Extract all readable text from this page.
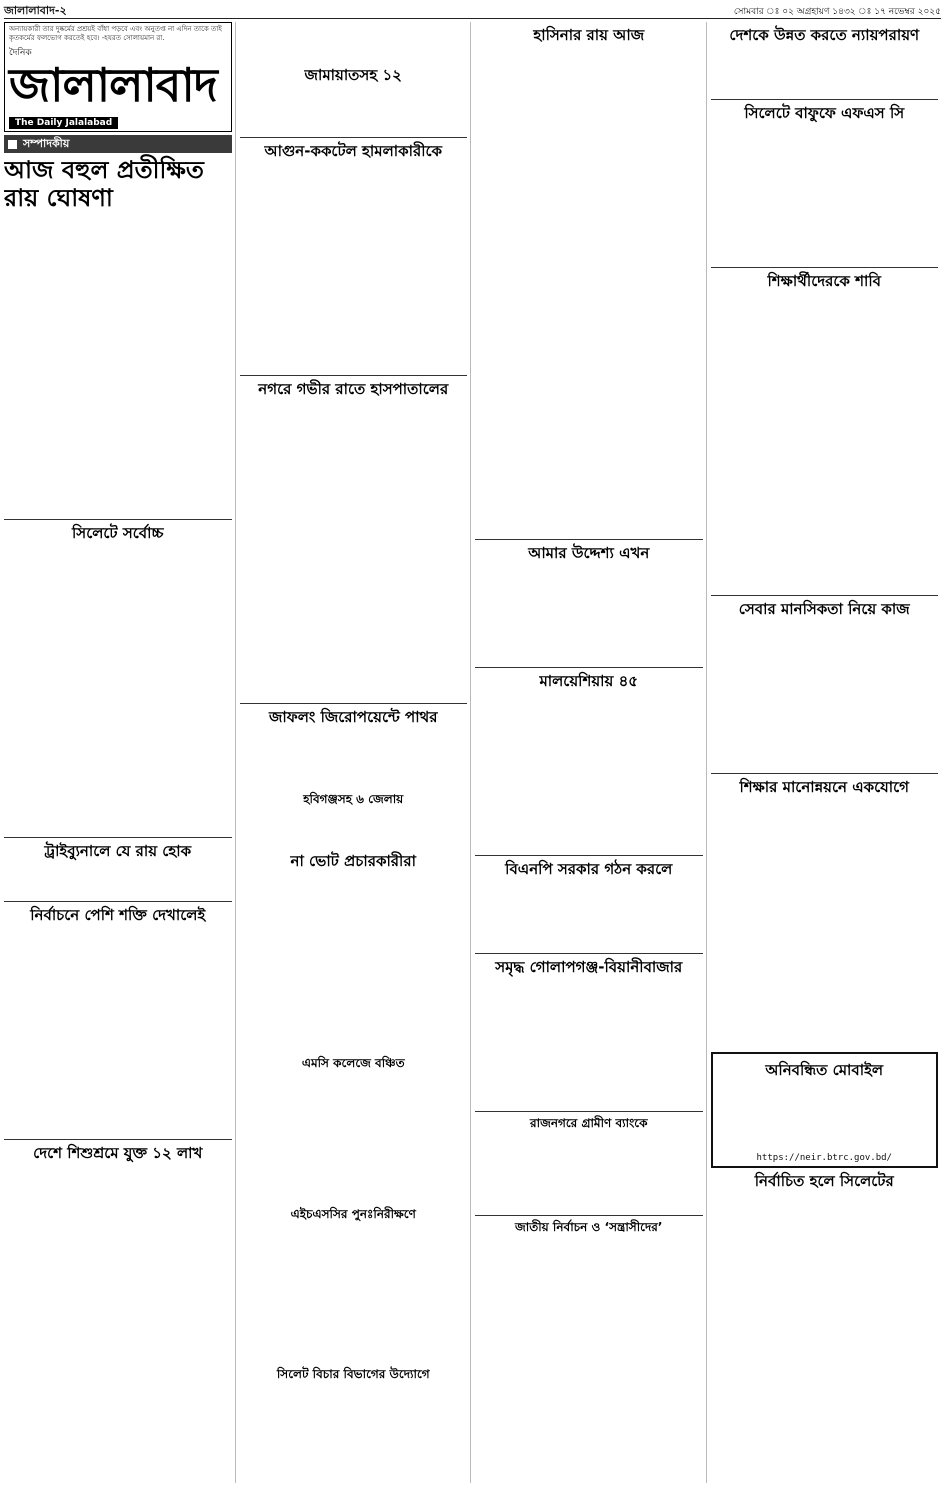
জালালাবাদ-২	সোমবার ঃ ০২ অগ্রহায়ণ ১৪৩২ ঃ ১৭ নভেম্বর ২০২৫
অন্যায়কারী তার দুষ্কর্মের প্রশ্রয়ই বাঁধা পড়বে এবং অনুতপ্ত না এদিন তাকে তাই কৃতকর্মের ফলভোগ করতেই হবে। -হযরত সোলায়মান রা.
দৈনিক
জালালাবাদ
The Daily Jalalabad
সম্পাদকীয়
আজ বহুল প্রতীক্ষিত রায় ঘোষণা
সিলেটে সর্বোচ্চ
ট্রাইব্যুনালে যে রায় হোক
নির্বাচনে পেশি শক্তি দেখালেই
দেশে শিশুশ্রমে যুক্ত ১২ লাখ
জামায়াতসহ ১২
আগুন-ককটেল হামলাকারীকে
নগরে গভীর রাতে হাসপাতালের
জাফলং জিরোপয়েন্টে পাথর
হবিগঞ্জসহ ৬ জেলায়
না ভোট প্রচারকারীরা
এমসি কলেজে বঞ্চিত
এইচএসসির পুনঃনিরীক্ষণে
সিলেট বিচার বিভাগের উদ্যোগে
হাসিনার রায় আজ
আমার উদ্দেশ্য এখন
মালয়েশিয়ায় ৪৫
বিএনপি সরকার গঠন করলে
সমৃদ্ধ গোলাপগঞ্জ-বিয়ানীবাজার
রাজনগরে গ্রামীণ ব্যাংকে
জাতীয় নির্বাচন ও ‘সন্ত্রাসীদের’
দেশকে উন্নত করতে ন্যায়পরায়ণ
সিলেটে বাফুফে এফএস সি
শিক্ষার্থীদেরকে শাবি
সেবার মানসিকতা নিয়ে কাজ
শিক্ষার মানোন্নয়নে একযোগে
অনিবন্ধিত মোবাইল
https://neir.btrc.gov.bd/
নির্বাচিত হলে সিলেটের
